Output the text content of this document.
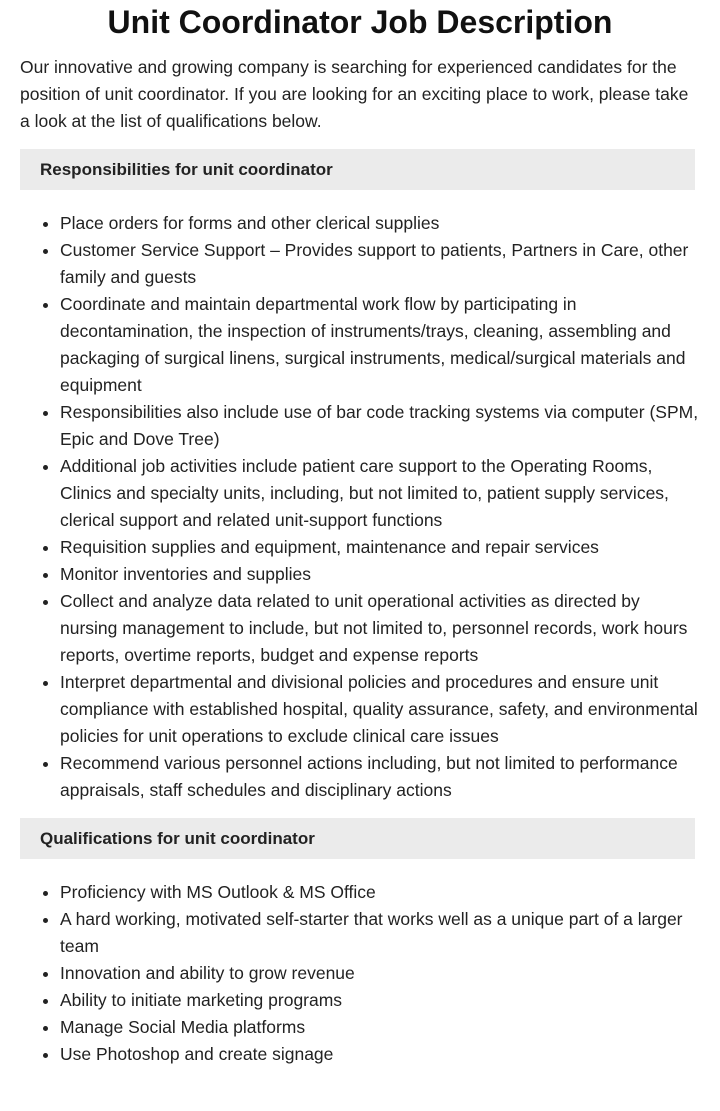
Unit Coordinator Job Description

Our innovative and growing company is searching for experienced candidates for the position of unit coordinator. If you are looking for an exciting place to work, please take a look at the list of qualifications below.

Responsibilities for unit coordinator
• Place orders for forms and other clerical supplies
• Customer Service Support – Provides support to patients, Partners in Care, other family and guests
• Coordinate and maintain departmental work flow by participating in decontamination, the inspection of instruments/trays, cleaning, assembling and packaging of surgical linens, surgical instruments, medical/surgical materials and equipment
• Responsibilities also include use of bar code tracking systems via computer (SPM, Epic and Dove Tree)
• Additional job activities include patient care support to the Operating Rooms, Clinics and specialty units, including, but not limited to, patient supply services, clerical support and related unit-support functions
• Requisition supplies and equipment, maintenance and repair services
• Monitor inventories and supplies
• Collect and analyze data related to unit operational activities as directed by nursing management to include, but not limited to, personnel records, work hours reports, overtime reports, budget and expense reports
• Interpret departmental and divisional policies and procedures and ensure unit compliance with established hospital, quality assurance, safety, and environmental policies for unit operations to exclude clinical care issues
• Recommend various personnel actions including, but not limited to performance appraisals, staff schedules and disciplinary actions
Qualifications for unit coordinator
• Proficiency with MS Outlook & MS Office
• A hard working, motivated self-starter that works well as a unique part of a larger team
• Innovation and ability to grow revenue
• Ability to initiate marketing programs
• Manage Social Media platforms
• Use Photoshop and create signage
